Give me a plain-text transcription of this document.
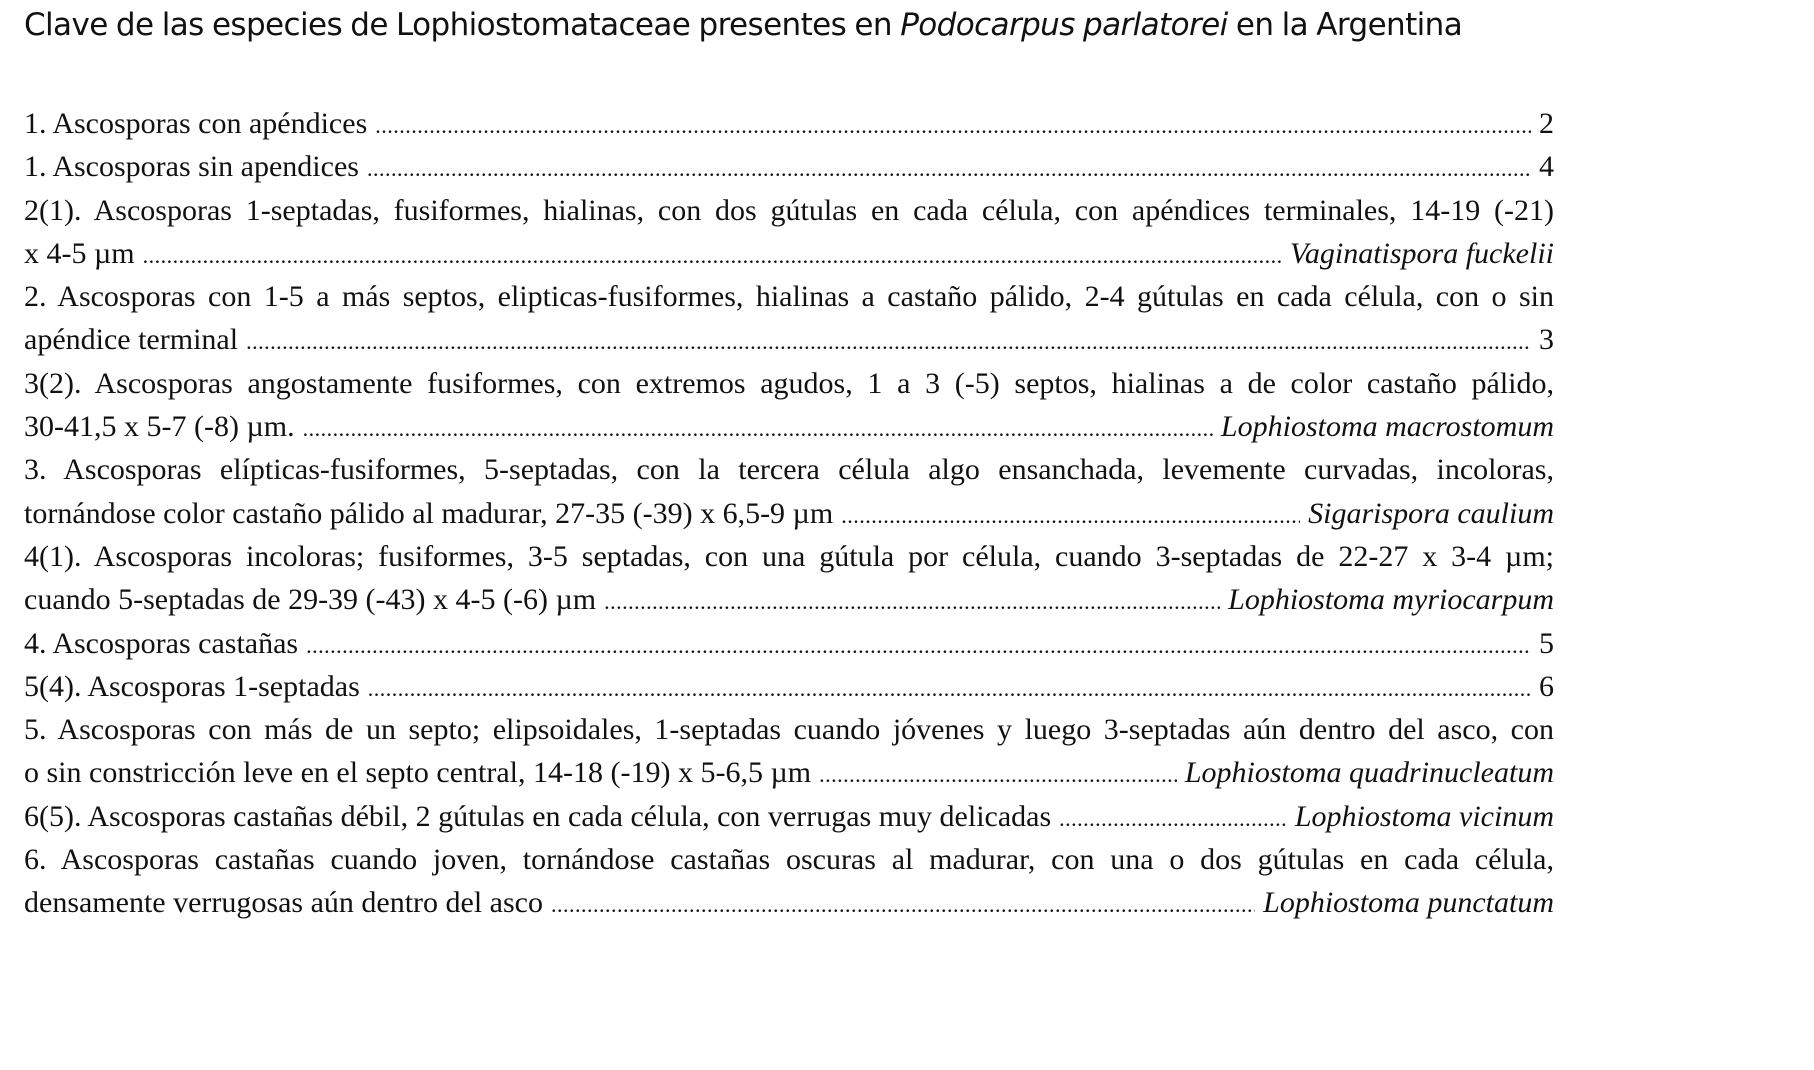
Clave de las especies de Lophiostomataceae presentes en Podocarpus parlatorei en la Argentina
1. Ascosporas con apéndices .....	2
1. Ascosporas sin apendices .....	4
2(1). Ascosporas 1-septadas, fusiformes, hialinas, con dos gútulas en cada célula, con apéndices terminales, 14-19 (-21)
x 4-5 µm .....	Vaginatispora fuckelii
2. Ascosporas con 1-5 a más septos, elipticas-fusiformes, hialinas a castaño pálido, 2-4 gútulas en cada célula, con o sin
apéndice terminal .....	3
3(2). Ascosporas angostamente fusiformes, con extremos agudos, 1 a 3 (-5) septos, hialinas a de color castaño pálido,
30-41,5 x 5-7 (-8) µm. .....	Lophiostoma macrostomum
3. Ascosporas elípticas-fusiformes, 5-septadas, con la tercera célula algo ensanchada, levemente curvadas, incoloras,
tornándose color castaño pálido al madurar, 27-35 (-39) x 6,5-9 µm .....	Sigarispora caulium
4(1). Ascosporas incoloras; fusiformes, 3-5 septadas, con una gútula por célula, cuando 3-septadas de 22-27 x 3-4 µm;
cuando 5-septadas de 29-39 (-43) x 4-5 (-6) µm .....	Lophiostoma myriocarpum
4. Ascosporas castañas .....	5
5(4). Ascosporas 1-septadas .....	6
5. Ascosporas con más de un septo; elipsoidales, 1-septadas cuando jóvenes y luego 3-septadas aún dentro del asco, con
o sin constricción leve en el septo central, 14-18 (-19) x 5-6,5 µm .....	Lophiostoma quadrinucleatum
6(5). Ascosporas castañas débil, 2 gútulas en cada célula, con verrugas muy delicadas .....	Lophiostoma vicinum
6. Ascosporas castañas cuando joven, tornándose castañas oscuras al madurar, con una o dos gútulas en cada célula,
densamente verrugosas aún dentro del asco .....	Lophiostoma punctatum
